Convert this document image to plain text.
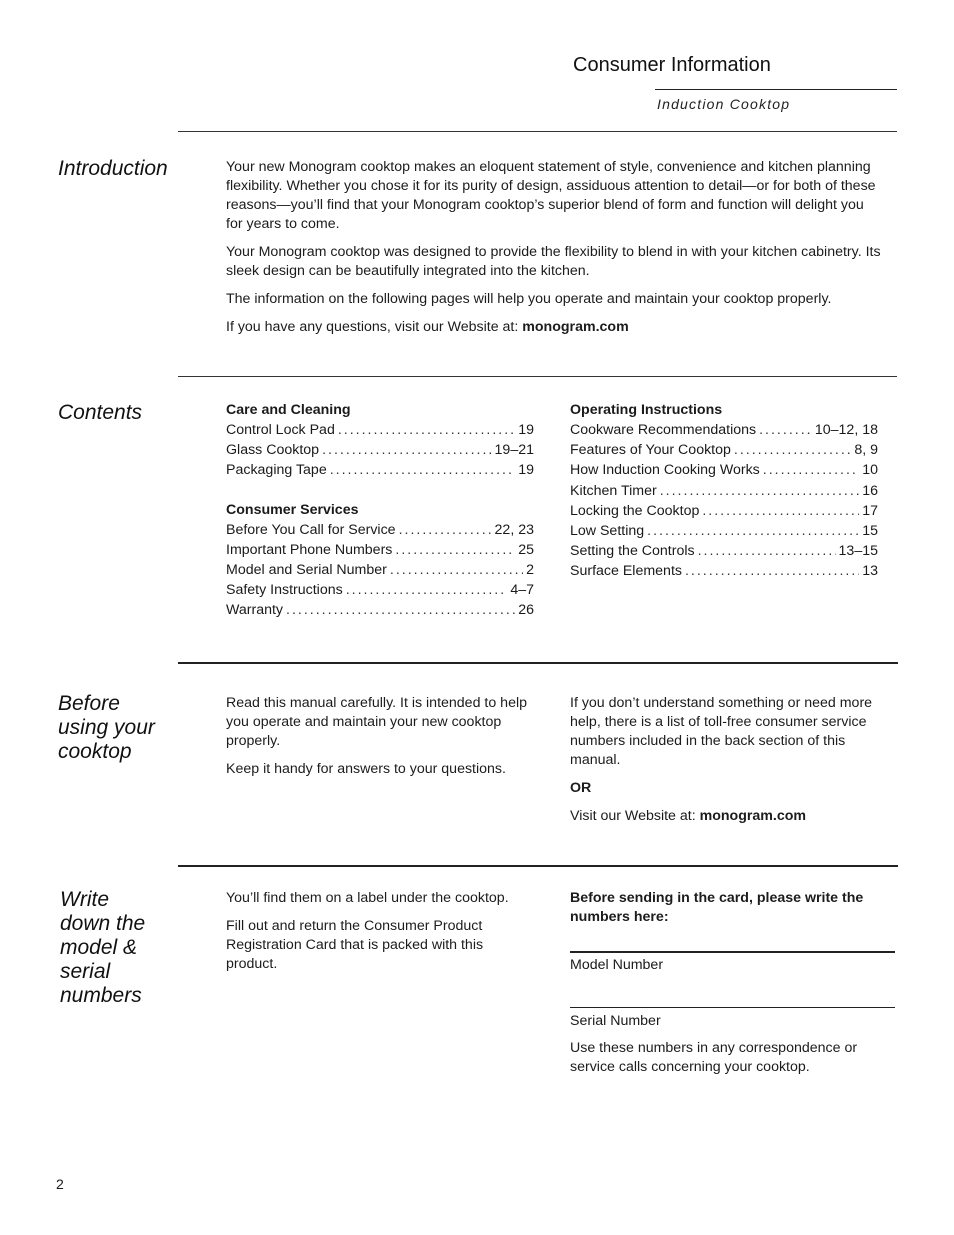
Consumer Information
Induction Cooktop
Introduction	Your new Monogram cooktop makes an eloquent statement of style, convenience and kitchen planning flexibility. Whether you chose it for its purity of design, assiduous attention to detail—or for both of these reasons—you’ll find that your Monogram cooktop’s superior blend of form and function will delight you for years to come.

Your Monogram cooktop was designed to provide the flexibility to blend in with your kitchen cabinetry. Its sleek design can be beautifully integrated into the kitchen.

The information on the following pages will help you operate and maintain your cooktop properly.

If you have any questions, visit our Website at: monogram.com

Contents	Care and Cleaning
Control Lock Pad .....	19
Glass Cooktop .....	19–21
Packaging Tape .....	19
Consumer Services
Before You Call for Service .....	22, 23
Important Phone Numbers .....	25
Model and Serial Number .....	2
Safety Instructions .....	4–7
Warranty .....	26
Operating Instructions
Cookware Recommendations .....	10–12, 18
Features of Your Cooktop .....	8, 9
How Induction Cooking Works .....	10
Kitchen Timer .....	16
Locking the Cooktop .....	17
Low Setting .....	15
Setting the Controls .....	13–15
Surface Elements .....	13
Before
using your
cooktop

Read this manual carefully. It is intended to help you operate and maintain your new cooktop properly.

Keep it handy for answers to your questions.

If you don’t understand something or need more help, there is a list of toll-free consumer service numbers included in the back section of this manual.

OR

Visit our Website at: monogram.com

Write
down the
model &
serial
numbers

You’ll find them on a label under the cooktop.

Fill out and return the Consumer Product Registration Card that is packed with this product.

Before sending in the card, please write the numbers here:

Model Number
Serial Number

Use these numbers in any correspondence or service calls concerning your cooktop.

2
